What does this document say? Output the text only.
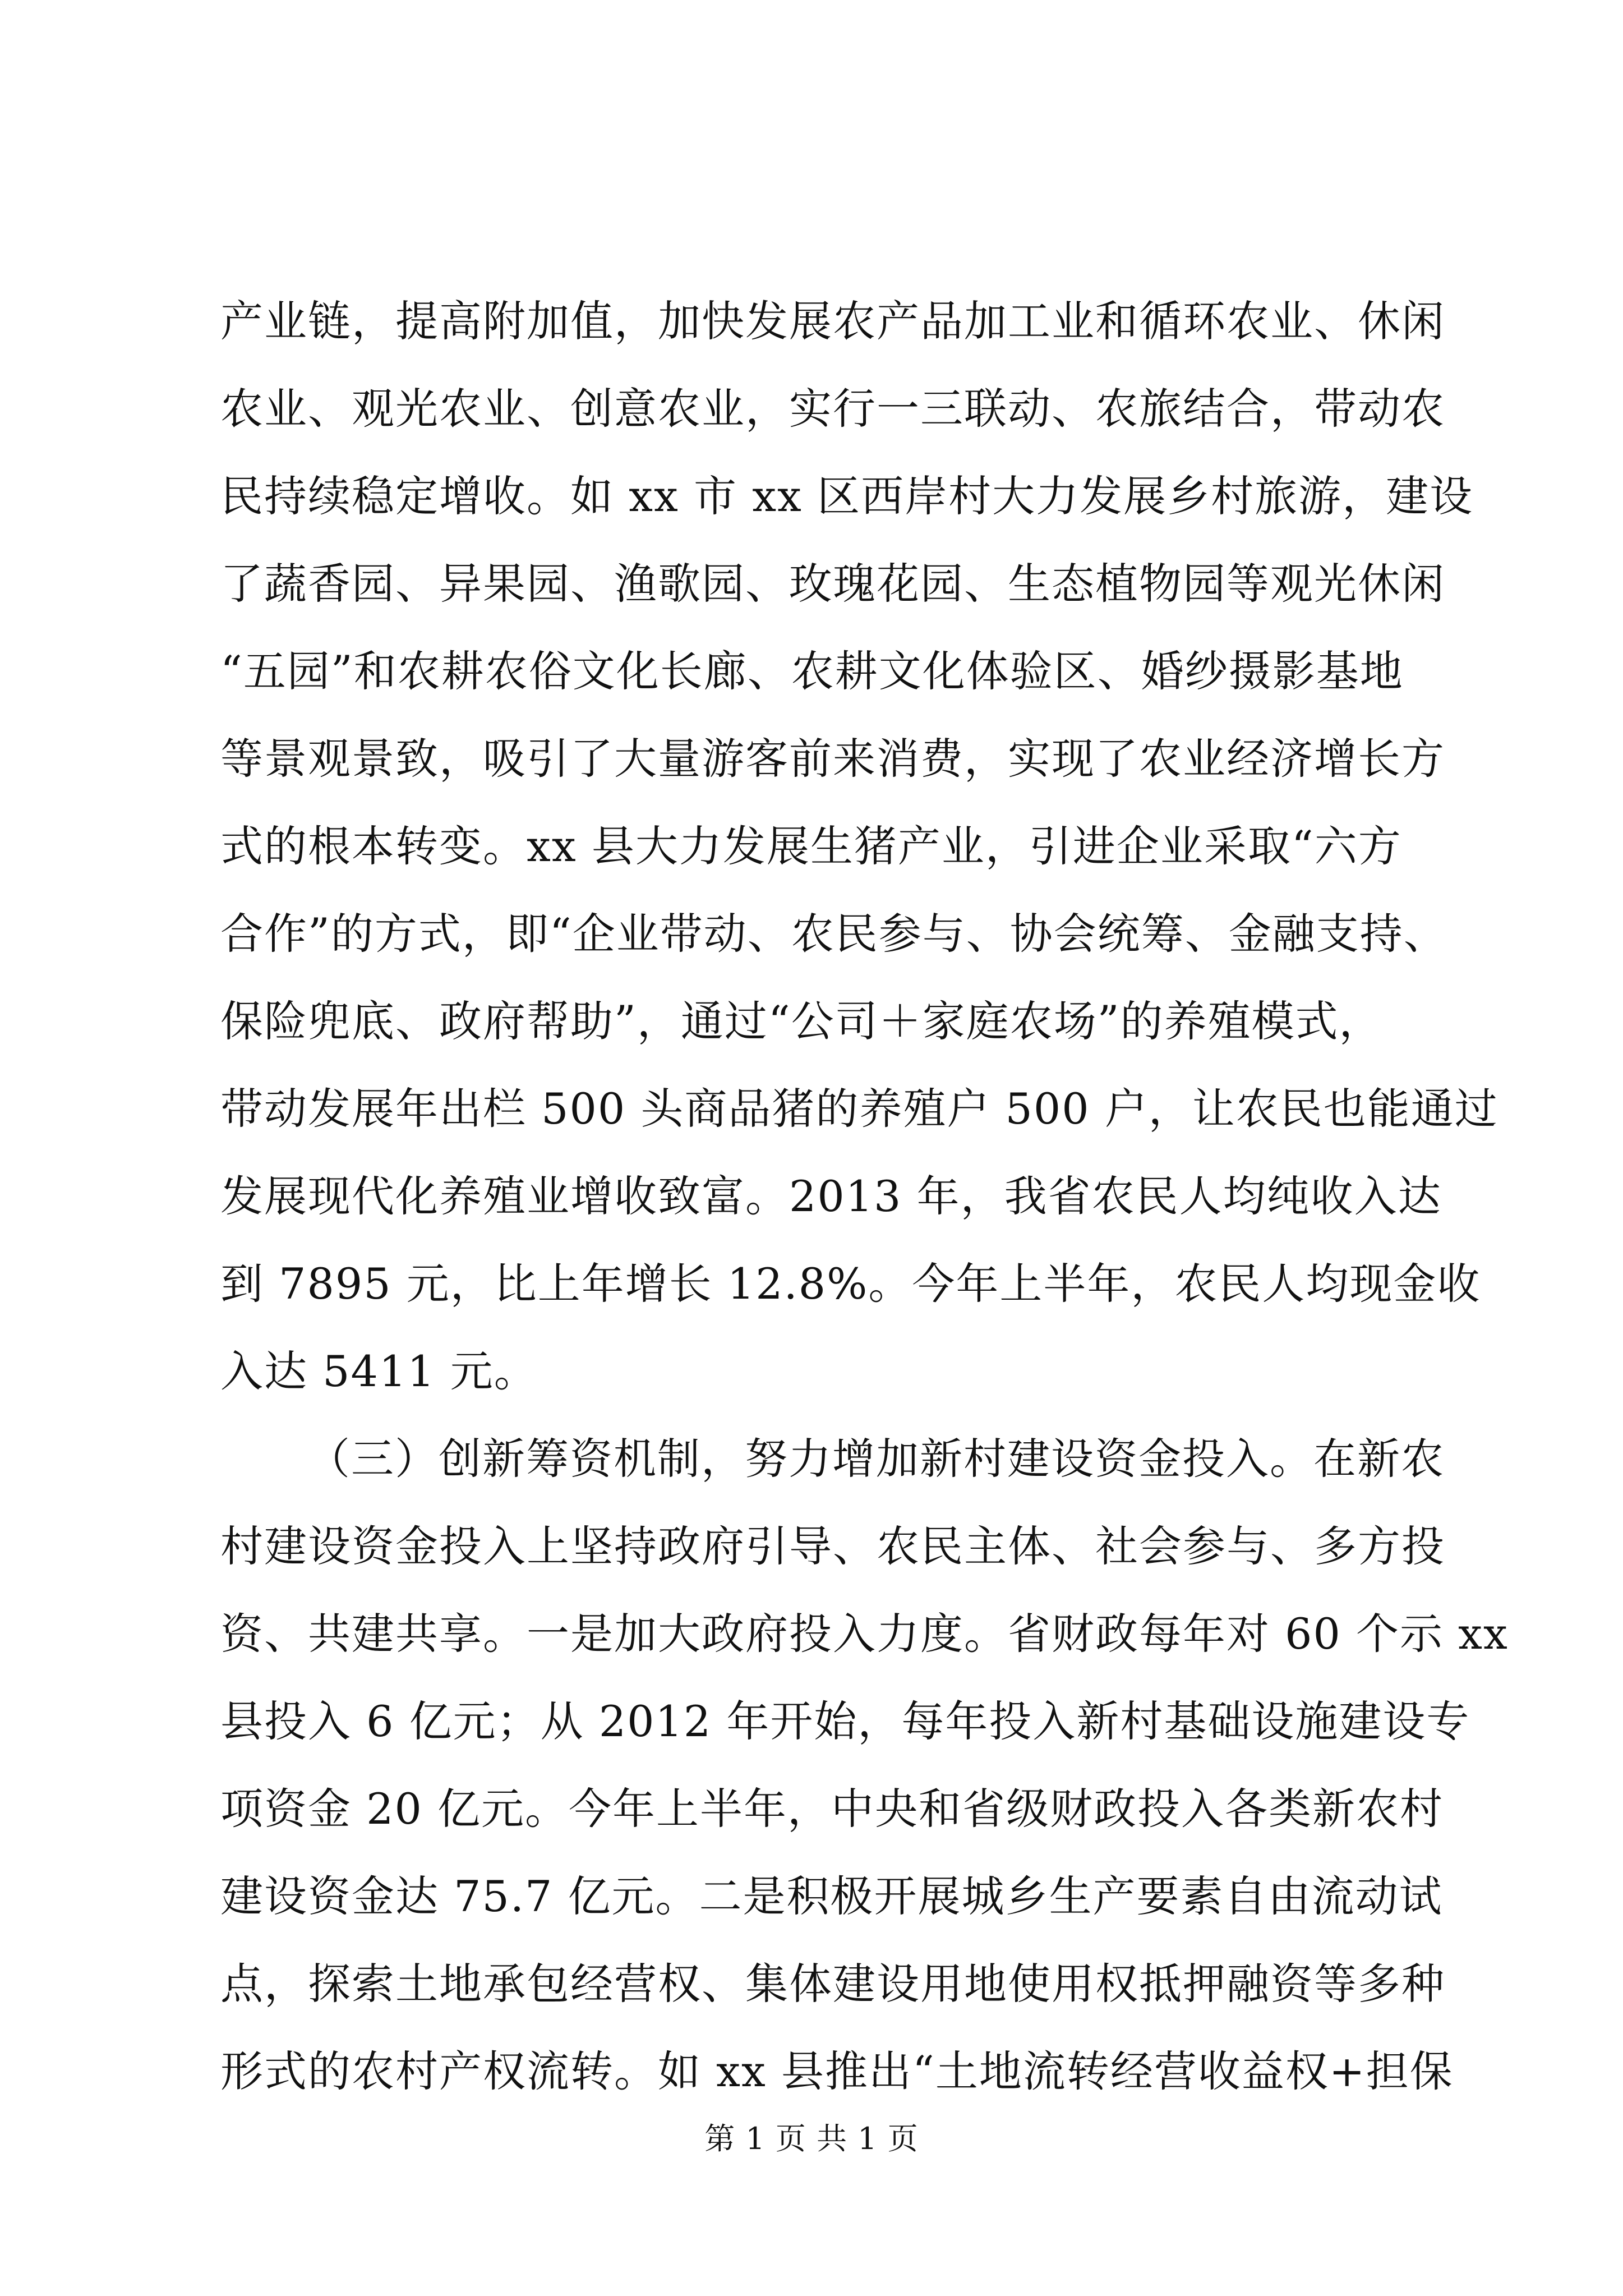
产业链，提高附加值，加快发展农产品加工业和循环农业、休闲
农业、观光农业、创意农业，实行一三联动、农旅结合，带动农
民持续稳定增收。如 xx 市 xx 区西岸村大力发展乡村旅游，建设
了蔬香园、异果园、渔歌园、玫瑰花园、生态植物园等观光休闲
“五园”和农耕农俗文化长廊、农耕文化体验区、婚纱摄影基地
等景观景致，吸引了大量游客前来消费，实现了农业经济增长方
式的根本转变。xx 县大力发展生猪产业，引进企业采取“六方
合作”的方式，即“企业带动、农民参与、协会统筹、金融支持、
保险兜底、政府帮助”，通过“公司＋家庭农场”的养殖模式，
带动发展年出栏 500 头商品猪的养殖户 500 户，让农民也能通过
发展现代化养殖业增收致富。2013 年，我省农民人均纯收入达
到 7895 元，比上年增长 12.8%。今年上半年，农民人均现金收
入达 5411 元。
（三）创新筹资机制，努力增加新村建设资金投入。在新农
村建设资金投入上坚持政府引导、农民主体、社会参与、多方投
资、共建共享。一是加大政府投入力度。省财政每年对 60 个示 xx
县投入 6 亿元；从 2012 年开始，每年投入新村基础设施建设专
项资金 20 亿元。今年上半年，中央和省级财政投入各类新农村
建设资金达 75.7 亿元。二是积极开展城乡生产要素自由流动试
点，探索土地承包经营权、集体建设用地使用权抵押融资等多种
形式的农村产权流转。如 xx 县推出“土地流转经营收益权+担保
第 1 页 共 1 页
